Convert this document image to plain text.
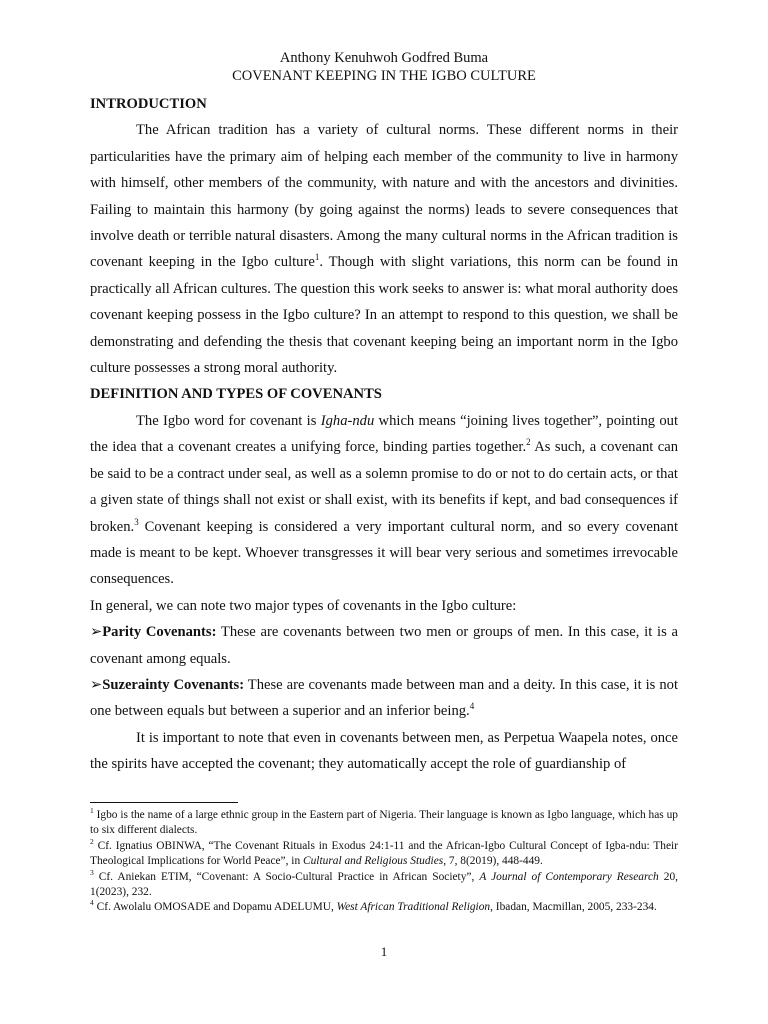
Anthony Kenuhwoh Godfred Buma
COVENANT KEEPING IN THE IGBO CULTURE
INTRODUCTION

The African tradition has a variety of cultural norms. These different norms in their particularities have the primary aim of helping each member of the community to live in harmony with himself, other members of the community, with nature and with the ancestors and divinities. Failing to maintain this harmony (by going against the norms) leads to severe consequences that involve death or terrible natural disasters. Among the many cultural norms in the African tradition is covenant keeping in the Igbo culture$^1$. Though with slight variations, this norm can be found in practically all African cultures. The question this work seeks to answer is: what moral authority does covenant keeping possess in the Igbo culture? In an attempt to respond to this question, we shall be demonstrating and defending the thesis that covenant keeping being an important norm in the Igbo culture possesses a strong moral authority.

DEFINITION AND TYPES OF COVENANTS

The Igbo word for covenant is Igha-ndu which means “joining lives together”, pointing out the idea that a covenant creates a unifying force, binding parties together.$^2$ As such, a covenant can be said to be a contract under seal, as well as a solemn promise to do or not to do certain acts, or that a given state of things shall not exist or shall exist, with its benefits if kept, and bad consequences if broken.$^3$ Covenant keeping is considered a very important cultural norm, and so every covenant made is meant to be kept. Whoever transgresses it will bear very serious and sometimes irrevocable consequences.

In general, we can note two major types of covenants in the Igbo culture:

➢Parity Covenants: These are covenants between two men or groups of men. In this case, it is a covenant among equals.

➢Suzerainty Covenants: These are covenants made between man and a deity. In this case, it is not one between equals but between a superior and an inferior being.$^4$

It is important to note that even in covenants between men, as Perpetua Waapela notes, once the spirits have accepted the covenant; they automatically accept the role of guardianship of

$^1$ Igbo is the name of a large ethnic group in the Eastern part of Nigeria. Their language is known as Igbo language, which has up to six different dialects.

$^2$ Cf. Ignatius OBINWA, “The Covenant Rituals in Exodus 24:1-11 and the African-Igbo Cultural Concept of Igba-ndu: Their Theological Implications for World Peace”, in Cultural and Religious Studies, 7, 8(2019), 448-449.

$^3$ Cf. Aniekan ETIM, “Covenant: A Socio-Cultural Practice in African Society”, A Journal of Contemporary Research 20, 1(2023), 232.

$^4$ Cf. Awolalu OMOSADE and Dopamu ADELUMU, West African Traditional Religion, Ibadan, Macmillan, 2005, 233-234.

1
